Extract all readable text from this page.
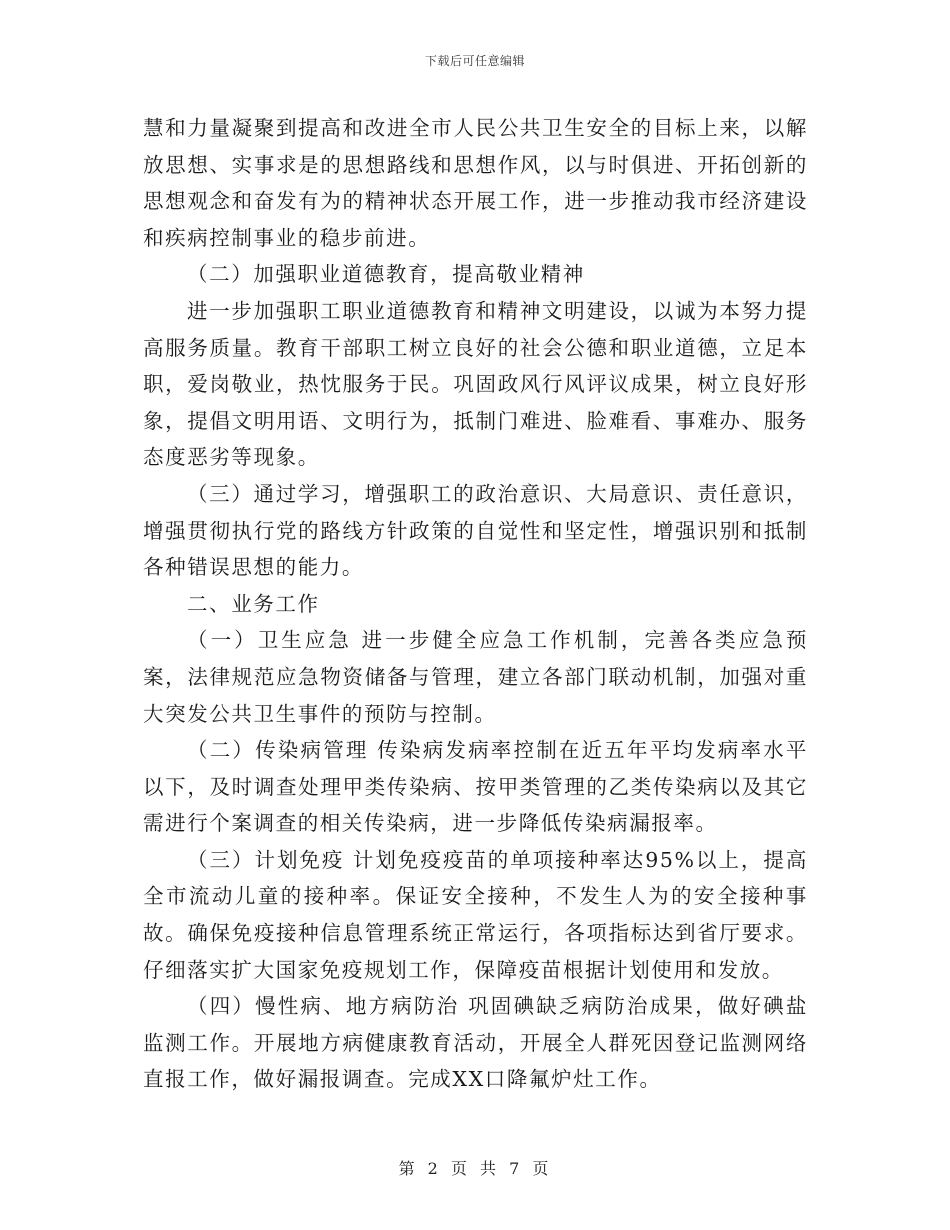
下载后可任意编辑

慧和力量凝聚到提高和改进全市人民公共卫生安全的目标上来，以解放思想、实事求是的思想路线和思想作风，以与时俱进、开拓创新的思想观念和奋发有为的精神状态开展工作，进一步推动我市经济建设和疾病控制事业的稳步前进。

（二）加强职业道德教育，提高敬业精神

进一步加强职工职业道德教育和精神文明建设，以诚为本努力提高服务质量。教育干部职工树立良好的社会公德和职业道德，立足本职，爱岗敬业，热忱服务于民。巩固政风行风评议成果，树立良好形象，提倡文明用语、文明行为，抵制门难进、脸难看、事难办、服务态度恶劣等现象。

（三）通过学习，增强职工的政治意识、大局意识、责任意识，增强贯彻执行党的路线方针政策的自觉性和坚定性，增强识别和抵制各种错误思想的能力。

二、业务工作

（一）卫生应急 进一步健全应急工作机制，完善各类应急预案，法律规范应急物资储备与管理，建立各部门联动机制，加强对重大突发公共卫生事件的预防与控制。

（二）传染病管理 传染病发病率控制在近五年平均发病率水平以下，及时调查处理甲类传染病、按甲类管理的乙类传染病以及其它需进行个案调查的相关传染病，进一步降低传染病漏报率。

（三）计划免疫 计划免疫疫苗的单项接种率达95%以上，提高全市流动儿童的接种率。保证安全接种，不发生人为的安全接种事故。确保免疫接种信息管理系统正常运行，各项指标达到省厅要求。仔细落实扩大国家免疫规划工作，保障疫苗根据计划使用和发放。

（四）慢性病、地方病防治 巩固碘缺乏病防治成果，做好碘盐监测工作。开展地方病健康教育活动，开展全人群死因登记监测网络直报工作，做好漏报调查。完成XX口降氟炉灶工作。

第 2 页 共 7 页
